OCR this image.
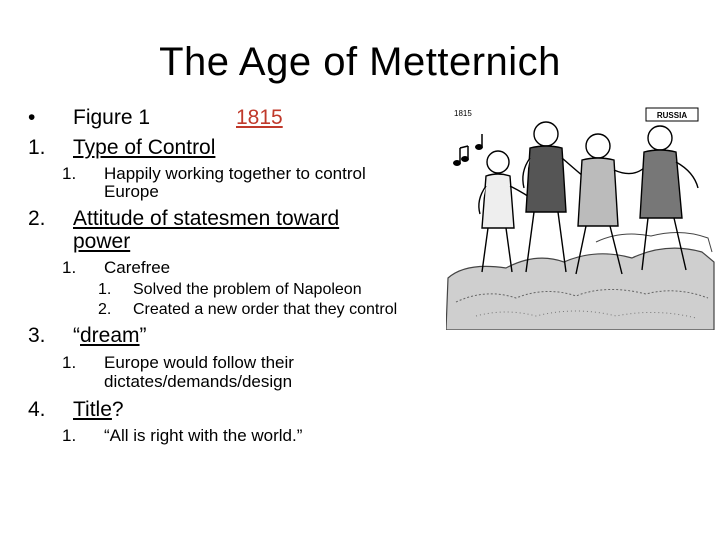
The Age of Metternich
• Figure 1	1815
1. Type of Control
1. Happily working together to control
Europe
2. Attitude of statesmen toward
power
1. Carefree
1. Solved the problem of Napoleon
2. Created a new order that they control
3. “dream”
1. Europe would follow their
dictates/demands/design
4. Title?
1. “All is right with the world.”
RUSSIA
1815
